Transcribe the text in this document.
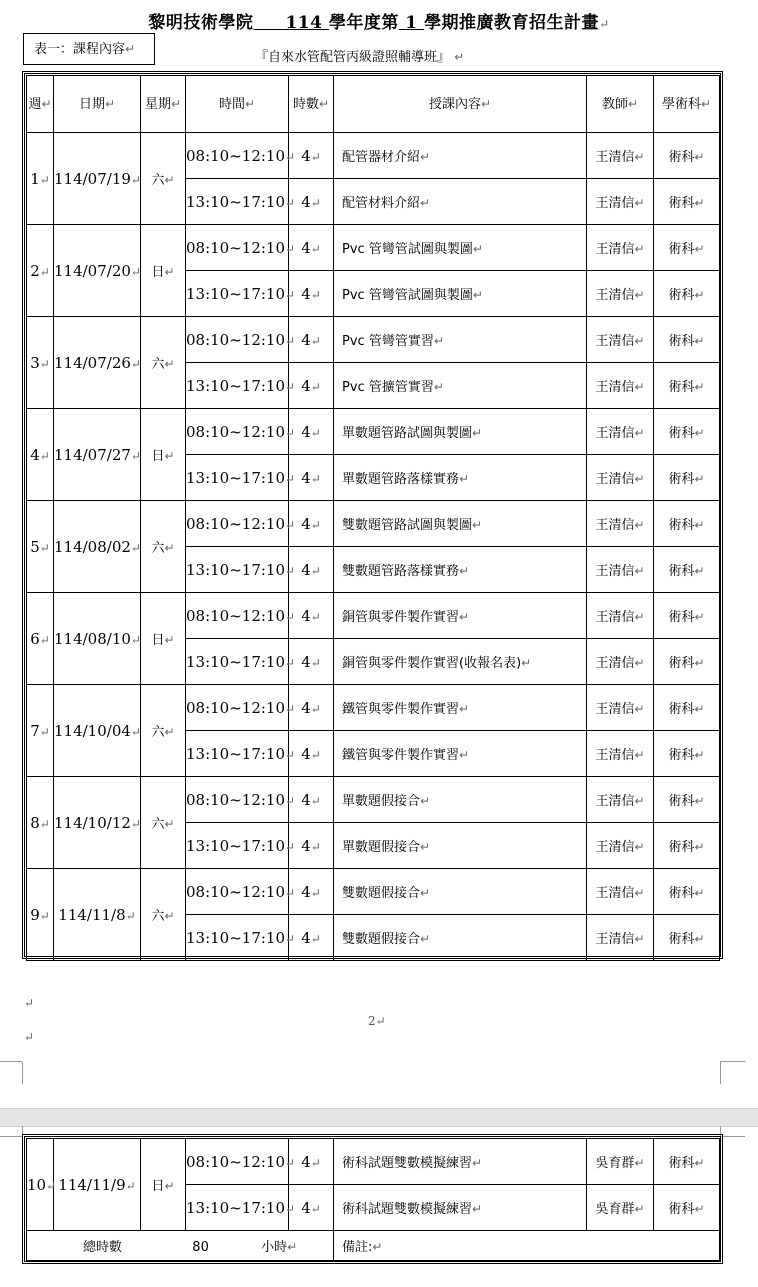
黎明技術學院 114 學年度第 1 學期推廣教育招生計畫↵
表一：課程內容↵
『自來水管配管丙級證照輔導班』 ↵
週↵	日期↵	星期↵	時間↵	時數↵	授課內容↵	教師↵	學術科↵
1↵	114/07/19↵	六↵	08:10~12:10↵	4↵	配管器材介紹↵	王清信↵	術科↵
			13:10~17:10↵	4↵	配管材料介紹↵	王清信↵	術科↵
2↵	114/07/20↵	日↵	08:10~12:10↵	4↵	Pvc 管彎管試圖與製圖↵	王清信↵	術科↵
			13:10~17:10↵	4↵	Pvc 管彎管試圖與製圖↵	王清信↵	術科↵
3↵	114/07/26↵	六↵	08:10~12:10↵	4↵	Pvc 管彎管實習↵	王清信↵	術科↵
			13:10~17:10↵	4↵	Pvc 管擴管實習↵	王清信↵	術科↵
4↵	114/07/27↵	日↵	08:10~12:10↵	4↵	單數題管路試圖與製圖↵	王清信↵	術科↵
			13:10~17:10↵	4↵	單數題管路落樣實務↵	王清信↵	術科↵
5↵	114/08/02↵	六↵	08:10~12:10↵	4↵	雙數題管路試圖與製圖↵	王清信↵	術科↵
			13:10~17:10↵	4↵	雙數題管路落樣實務↵	王清信↵	術科↵
6↵	114/08/10↵	日↵	08:10~12:10↵	4↵	銅管與零件製作實習↵	王清信↵	術科↵
			13:10~17:10↵	4↵	銅管與零件製作實習(收報名表)↵	王清信↵	術科↵
7↵	114/10/04↵	六↵	08:10~12:10↵	4↵	鐵管與零件製作實習↵	王清信↵	術科↵
			13:10~17:10↵	4↵	鐵管與零件製作實習↵	王清信↵	術科↵
8↵	114/10/12↵	六↵	08:10~12:10↵	4↵	單數題假接合↵	王清信↵	術科↵
			13:10~17:10↵	4↵	單數題假接合↵	王清信↵	術科↵
9↵	114/11/8↵	六↵	08:10~12:10↵	4↵	雙數題假接合↵	王清信↵	術科↵
			13:10~17:10↵	4↵	雙數題假接合↵	王清信↵	術科↵
2↵
↵
↵
10↵	114/11/9↵	日↵	08:10~12:10↵	4↵	術科試題雙數模擬練習↵	吳育群↵	術科↵
			13:10~17:10↵	4↵	術科試題雙數模擬練習↵	吳育群↵	術科↵
總時數 80 小時↵					備註:↵		
